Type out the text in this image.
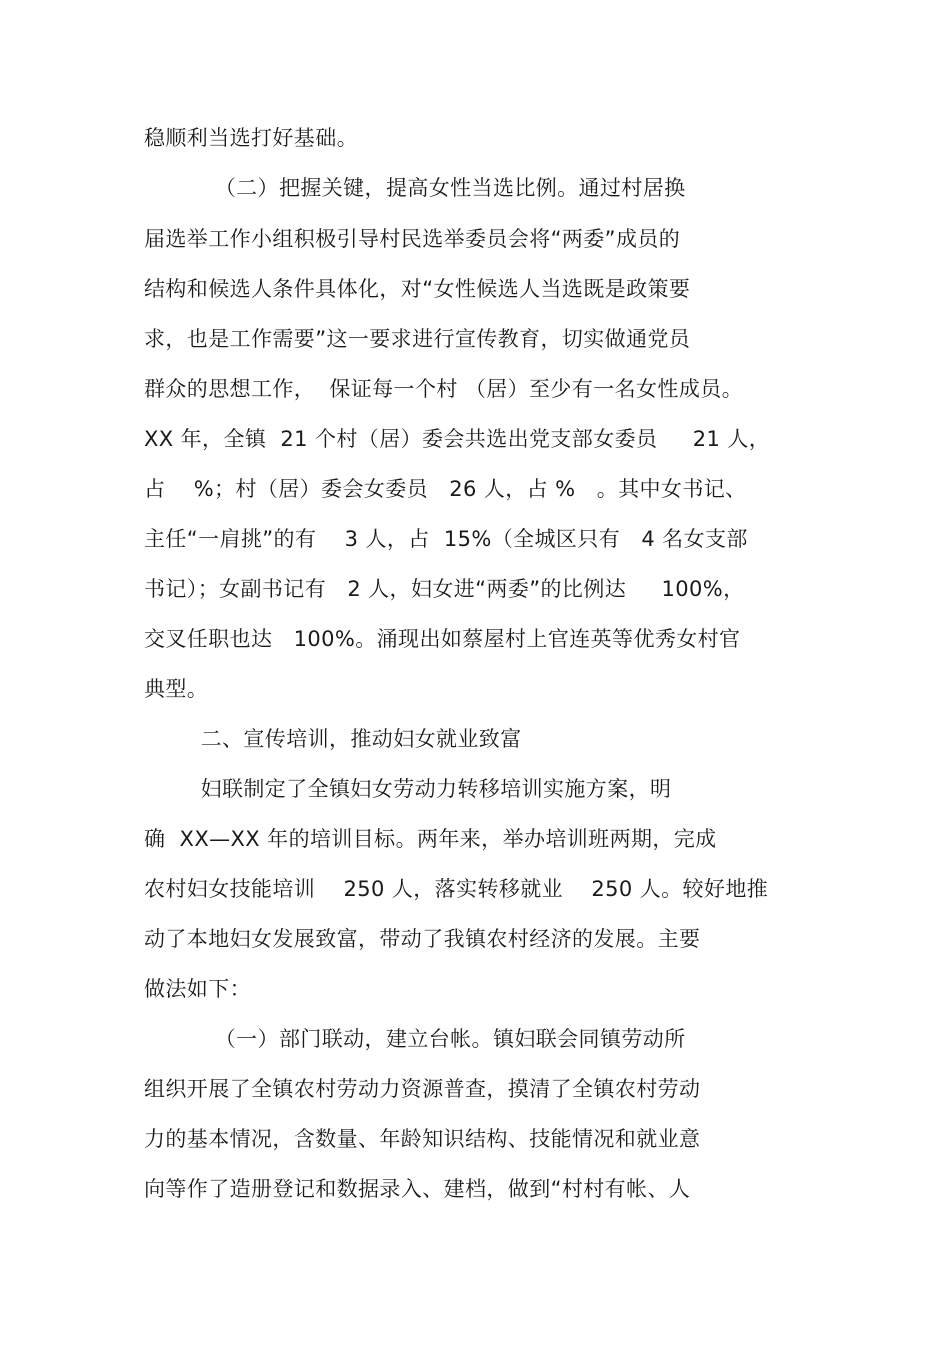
稳顺利当选打好基础。
（二）把握关键，提高女性当选比例。通过村居换
届选举工作小组积极引导村民选举委员会将“两委”成员的
结构和候选人条件具体化，对“女性候选人当选既是政策要
求，也是工作需要”这一要求进行宣传教育，切实做通党员
群众的思想工作，  保证每一个村 （居）至少有一名女性成员。
XX 年，全镇  21 个村（居）委会共选出党支部女委员     21 人，
占    %；村（居）委会女委员   26 人，占 %   。其中女书记、
主任“一肩挑”的有    3 人，占  15%（全城区只有   4 名女支部
书记）；女副书记有   2 人，妇女进“两委”的比例达     100%，
交叉任职也达   100%。涌现出如蔡屋村上官连英等优秀女村官
典型。
二、宣传培训，推动妇女就业致富
妇联制定了全镇妇女劳动力转移培训实施方案，明
确  XX—XX 年的培训目标。两年来，举办培训班两期，完成
农村妇女技能培训    250 人，落实转移就业    250 人。较好地推
动了本地妇女发展致富，带动了我镇农村经济的发展。主要
做法如下：
（一）部门联动，建立台帐。镇妇联会同镇劳动所
组织开展了全镇农村劳动力资源普查，摸清了全镇农村劳动
力的基本情况，含数量、年龄知识结构、技能情况和就业意
向等作了造册登记和数据录入、建档，做到“村村有帐、人
